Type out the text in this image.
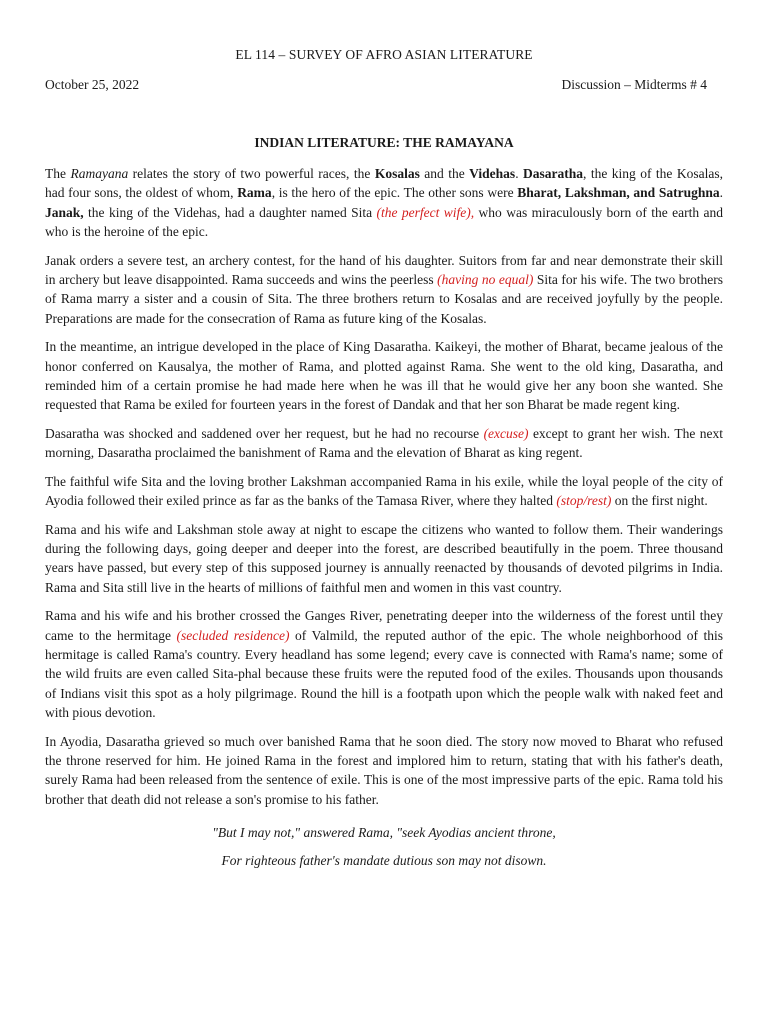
EL 114 – SURVEY OF AFRO ASIAN LITERATURE
October 25, 2022	Discussion – Midterms # 4
INDIAN LITERATURE: THE RAMAYANA

The Ramayana relates the story of two powerful races, the Kosalas and the Videhas. Dasaratha, the king of the Kosalas, had four sons, the oldest of whom, Rama, is the hero of the epic. The other sons were Bharat, Lakshman, and Satrughna. Janak, the king of the Videhas, had a daughter named Sita (the perfect wife), who was miraculously born of the earth and who is the heroine of the epic.

Janak orders a severe test, an archery contest, for the hand of his daughter. Suitors from far and near demonstrate their skill in archery but leave disappointed. Rama succeeds and wins the peerless (having no equal) Sita for his wife. The two brothers of Rama marry a sister and a cousin of Sita. The three brothers return to Kosalas and are received joyfully by the people. Preparations are made for the consecration of Rama as future king of the Kosalas.

In the meantime, an intrigue developed in the place of King Dasaratha. Kaikeyi, the mother of Bharat, became jealous of the honor conferred on Kausalya, the mother of Rama, and plotted against Rama. She went to the old king, Dasaratha, and reminded him of a certain promise he had made here when he was ill that he would give her any boon she wanted. She requested that Rama be exiled for fourteen years in the forest of Dandak and that her son Bharat be made regent king.

Dasaratha was shocked and saddened over her request, but he had no recourse (excuse) except to grant her wish. The next morning, Dasaratha proclaimed the banishment of Rama and the elevation of Bharat as king regent.

The faithful wife Sita and the loving brother Lakshman accompanied Rama in his exile, while the loyal people of the city of Ayodia followed their exiled prince as far as the banks of the Tamasa River, where they halted (stop/rest) on the first night.

Rama and his wife and Lakshman stole away at night to escape the citizens who wanted to follow them. Their wanderings during the following days, going deeper and deeper into the forest, are described beautifully in the poem. Three thousand years have passed, but every step of this supposed journey is annually reenacted by thousands of devoted pilgrims in India. Rama and Sita still live in the hearts of millions of faithful men and women in this vast country.

Rama and his wife and his brother crossed the Ganges River, penetrating deeper into the wilderness of the forest until they came to the hermitage (secluded residence) of Valmild, the reputed author of the epic. The whole neighborhood of this hermitage is called Rama's country. Every headland has some legend; every cave is connected with Rama's name; some of the wild fruits are even called Sita-phal because these fruits were the reputed food of the exiles. Thousands upon thousands of Indians visit this spot as a holy pilgrimage. Round the hill is a footpath upon which the people walk with naked feet and with pious devotion.

In Ayodia, Dasaratha grieved so much over banished Rama that he soon died. The story now moved to Bharat who refused the throne reserved for him. He joined Rama in the forest and implored him to return, stating that with his father's death, surely Rama had been released from the sentence of exile. This is one of the most impressive parts of the epic. Rama told his brother that death did not release a son's promise to his father.

"But I may not," answered Rama, "seek Ayodias ancient throne,
For righteous father's mandate dutious son may not disown.
